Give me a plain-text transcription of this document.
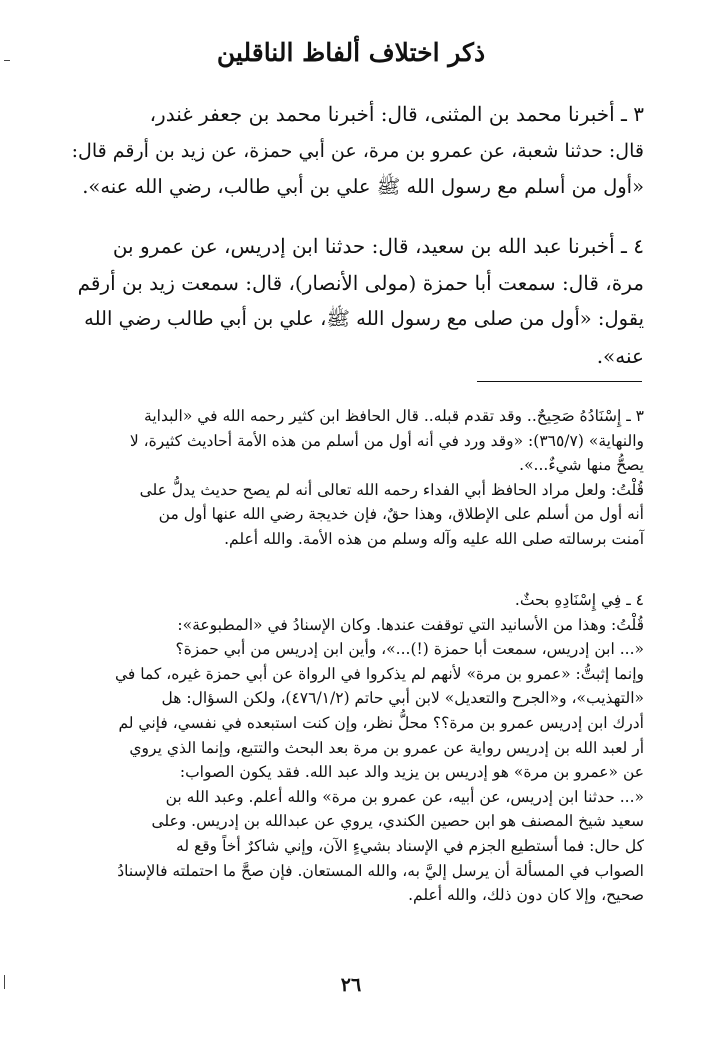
ذكر اختلاف ألفاظ الناقلين
٣ ـ أخبرنا محمد بن المثنى، قال: أخبرنا محمد بن جعفر غندر،
قال: حدثنا شعبة، عن عمرو بن مرة، عن أبي حمزة، عن زيد بن أرقم قال:
«أول من أسلم مع رسول الله ﷺ علي بن أبي طالب، رضي الله عنه».
٤ ـ أخبرنا عبد الله بن سعيد، قال: حدثنا ابن إدريس، عن عمرو بن
مرة، قال: سمعت أبا حمزة (مولى الأنصار)، قال: سمعت زيد بن أرقم
يقول: «أول من صلى مع رسول الله ﷺ، علي بن أبي طالب رضي الله
عنه».
٣ ـ إِسْنَادُهُ صَحِيحٌ.. وقد تقدم قبله.. قال الحافظ ابن كثير رحمه الله في «البداية
والنهاية» (٣٦٥/٧): «وقد ورد في أنه أول من أسلم من هذه الأمة أحاديث كثيرة، لا
يصحُّ منها شيءٌ...».
قُلْتُ: ولعل مراد الحافظ أبي الفداء رحمه الله تعالى أنه لم يصح حديث يدلُّ على
أنه أول من أسلم على الإطلاق، وهذا حقٌ، فإن خديجة رضي الله عنها أول من
آمنت برسالته صلى الله عليه وآله وسلم من هذه الأمة. والله أعلم.
٤ ـ فِي إِسْنَادِهِ بحثٌ.
قُلْتُ: وهذا من الأسانيد التي توقفت عندها. وكان الإسنادُ في «المطبوعة»:
«... ابن إدريس، سمعت أبا حمزة (!)...»، وأين ابن إدريس من أبي حمزة؟
وإنما إثبتُّ: «عمرو بن مرة» لأنهم لم يذكروا في الرواة عن أبي حمزة غيره، كما في
«التهذيب»، و«الجرح والتعديل» لابن أبي حاتم (٤٧٦/١/٢)، ولكن السؤال: هل
أدرك ابن إدريس عمرو بن مرة؟؟ محلُّ نظر، وإن كنت استبعده في نفسي، فإني لم
أر لعبد الله بن إدريس رواية عن عمرو بن مرة بعد البحث والتتبع، وإنما الذي يروي
عن «عمرو بن مرة» هو إدريس بن يزيد والد عبد الله. فقد يكون الصواب:
«... حدثنا ابن إدريس، عن أبيه، عن عمرو بن مرة» والله أعلم. وعبد الله بن
سعيد شيخ المصنف هو ابن حصين الكندي، يروي عن عبدالله بن إدريس. وعلى
كل حال: فما أستطيع الجزم في الإسناد بشيءٍ الآن، وإني شاكرٌ أخاً وقع له
الصواب في المسألة أن يرسل إليَّ به، والله المستعان. فإن صحَّ ما احتملته فالإسنادُ
صحيح، وإلا كان دون ذلك، والله أعلم.
٢٦
